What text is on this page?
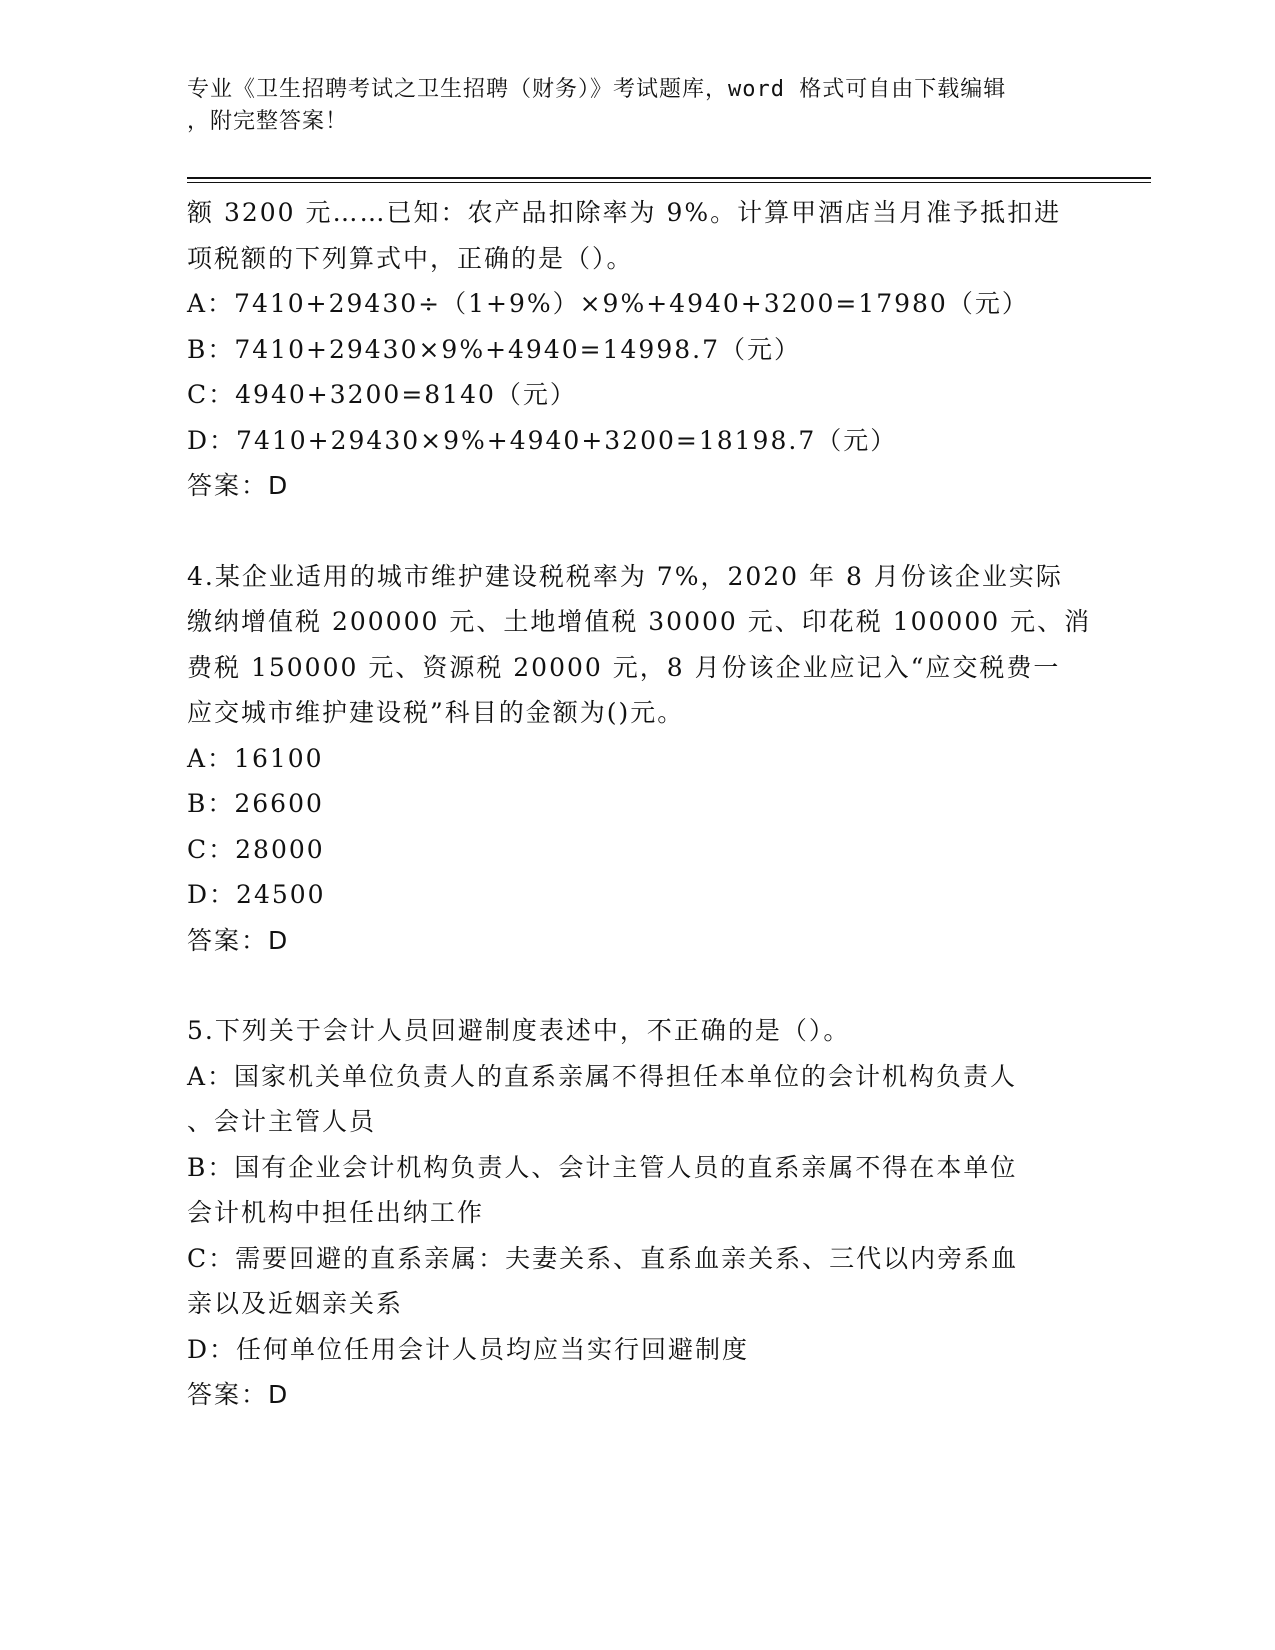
专业《卫生招聘考试之卫生招聘（财务）》考试题库，word 格式可自由下载编辑
，附完整答案！
额 3200 元……已知：农产品扣除率为 9%。计算甲酒店当月准予抵扣进
项税额的下列算式中，正确的是（）。
A：7410+29430÷（1+9%）×9%+4940+3200=17980（元）
B：7410+29430×9%+4940=14998.7（元）
C：4940+3200=8140（元）
D：7410+29430×9%+4940+3200=18198.7（元）
答案：D
4.某企业适用的城市维护建设税税率为 7%，2020 年 8 月份该企业实际
缴纳增值税 200000 元、土地增值税 30000 元、印花税 100000 元、消
费税 150000 元、资源税 20000 元，8 月份该企业应记入“应交税费一
应交城市维护建设税”科目的金额为()元。
A：16100
B：26600
C：28000
D：24500
答案：D
5.下列关于会计人员回避制度表述中，不正确的是（）。
A：国家机关单位负责人的直系亲属不得担任本单位的会计机构负责人
、会计主管人员
B：国有企业会计机构负责人、会计主管人员的直系亲属不得在本单位
会计机构中担任出纳工作
C：需要回避的直系亲属：夫妻关系、直系血亲关系、三代以内旁系血
亲以及近姻亲关系
D：任何单位任用会计人员均应当实行回避制度
答案：D
